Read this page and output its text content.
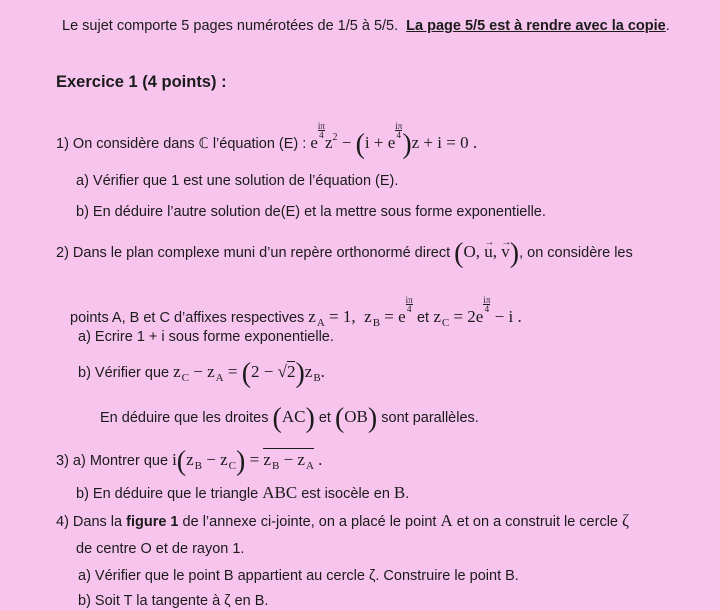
Le sujet comporte 5 pages numérotées de 1/5 à 5/5. La page 5/5 est à rendre avec la copie.
Exercice 1 (4 points) :
1) On considère dans ℂ l’équation (E) : e
$\frac{i\pi}{4}z^2 - (i + e$
$\frac{i\pi}{4})z + i = 0$ .
a) Vérifier que 1 est une solution de l’équation (E).
b) En déduire l’autre solution de(E) et la mettre sous forme exponentielle.
2) Dans le plan complexe muni d’un repère orthonormé direct (O, → u, → v), on considère les
points A, B et C d’affixes respectives $z_A = 1$,  $z_B = e$
$\frac{i\pi}{4}$ et $z_C = 2e$
$\frac{i\pi}{4} - i$ .
a) Ecrire 1 + i sous forme exponentielle.
b) Vérifier que $z_C - z_A = (2 - √2)z_B$.
En déduire que les droites (AC) et (OB) sont parallèles.
3) a) Montrer que $i(z_B - z_C) = z_B - z_A$ .
b) En déduire que le triangle ABC est isocèle en B.
4) Dans la figure 1 de l’annexe ci-jointe, on a placé le point A et on a construit le cercle ζ
de centre O et de rayon 1.
a) Vérifier que le point B appartient au cercle ζ. Construire le point B.
b) Soit T la tangente à ζ en B.
